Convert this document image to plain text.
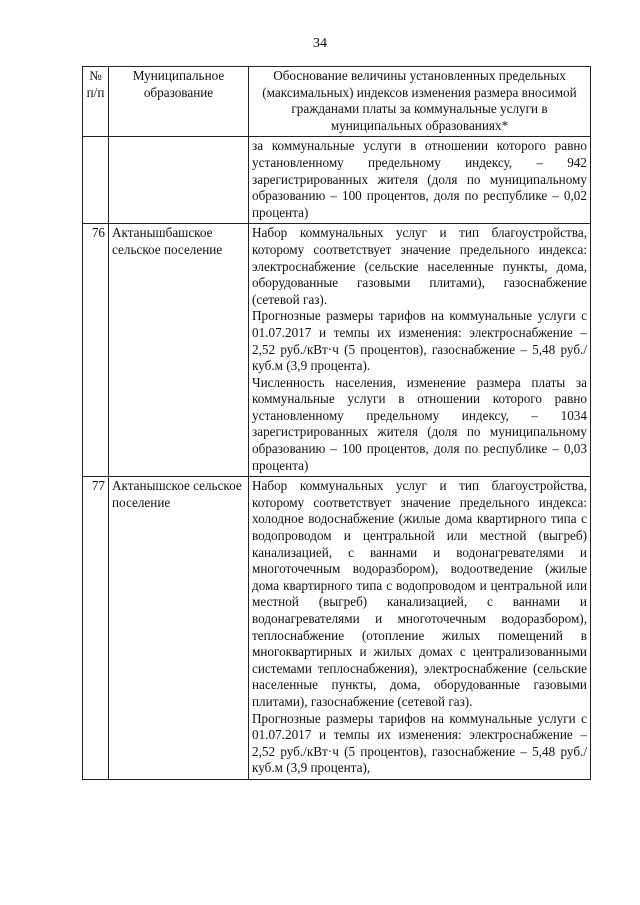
34
№ п/п	Муниципальное образование	Обоснование величины установленных предельных (максимальных) индексов изменения размера вносимой гражданами платы за коммунальные услуги в муниципальных образованиях*

		за коммунальные услуги в отношении которого равно установленному предельному индексу, – 942 зарегистрированных жителя (доля по муниципальному образованию – 100 процентов, доля по республике – 0,02 процента)

76	Актанышбашское сельское поселение	Набор коммунальных услуг и тип благоустройства, которому соответствует значение предельного индекса: электроснабжение (сельские населенные пункты, дома, оборудованные газовыми плитами), газоснабжение (сетевой газ).
Прогнозные размеры тарифов на коммунальные услуги с 01.07.2017 и темпы их изменения: электроснабжение – 2,52 руб./кВт·ч (5 процентов), газоснабжение – 5,48 руб./куб.м (3,9 процента).
Численность населения, изменение размера платы за коммунальные услуги в отношении которого равно установленному предельному индексу, – 1034 зарегистрированных жителя (доля по муниципальному образованию – 100 процентов, доля по республике – 0,03 процента)

77	Актанышское сельское поселение	Набор коммунальных услуг и тип благоустройства, которому соответствует значение предельного индекса: холодное водоснабжение (жилые дома квартирного типа с водопроводом и центральной или местной (выгреб) канализацией, с ваннами и водонагревателями и многоточечным водоразбором), водоотведение (жилые дома квартирного типа с водопроводом и центральной или местной (выгреб) канализацией, с ваннами и водонагревателями и многоточечным водоразбором), теплоснабжение (отопление жилых помещений в многоквартирных и жилых домах с централизованными системами теплоснабжения), электроснабжение (сельские населенные пункты, дома, оборудованные газовыми плитами), газоснабжение (сетевой газ).
Прогнозные размеры тарифов на коммунальные услуги с 01.07.2017 и темпы их изменения: электроснабжение – 2,52 руб./кВт·ч (5 процентов), газоснабжение – 5,48 руб./куб.м (3,9 процента),
